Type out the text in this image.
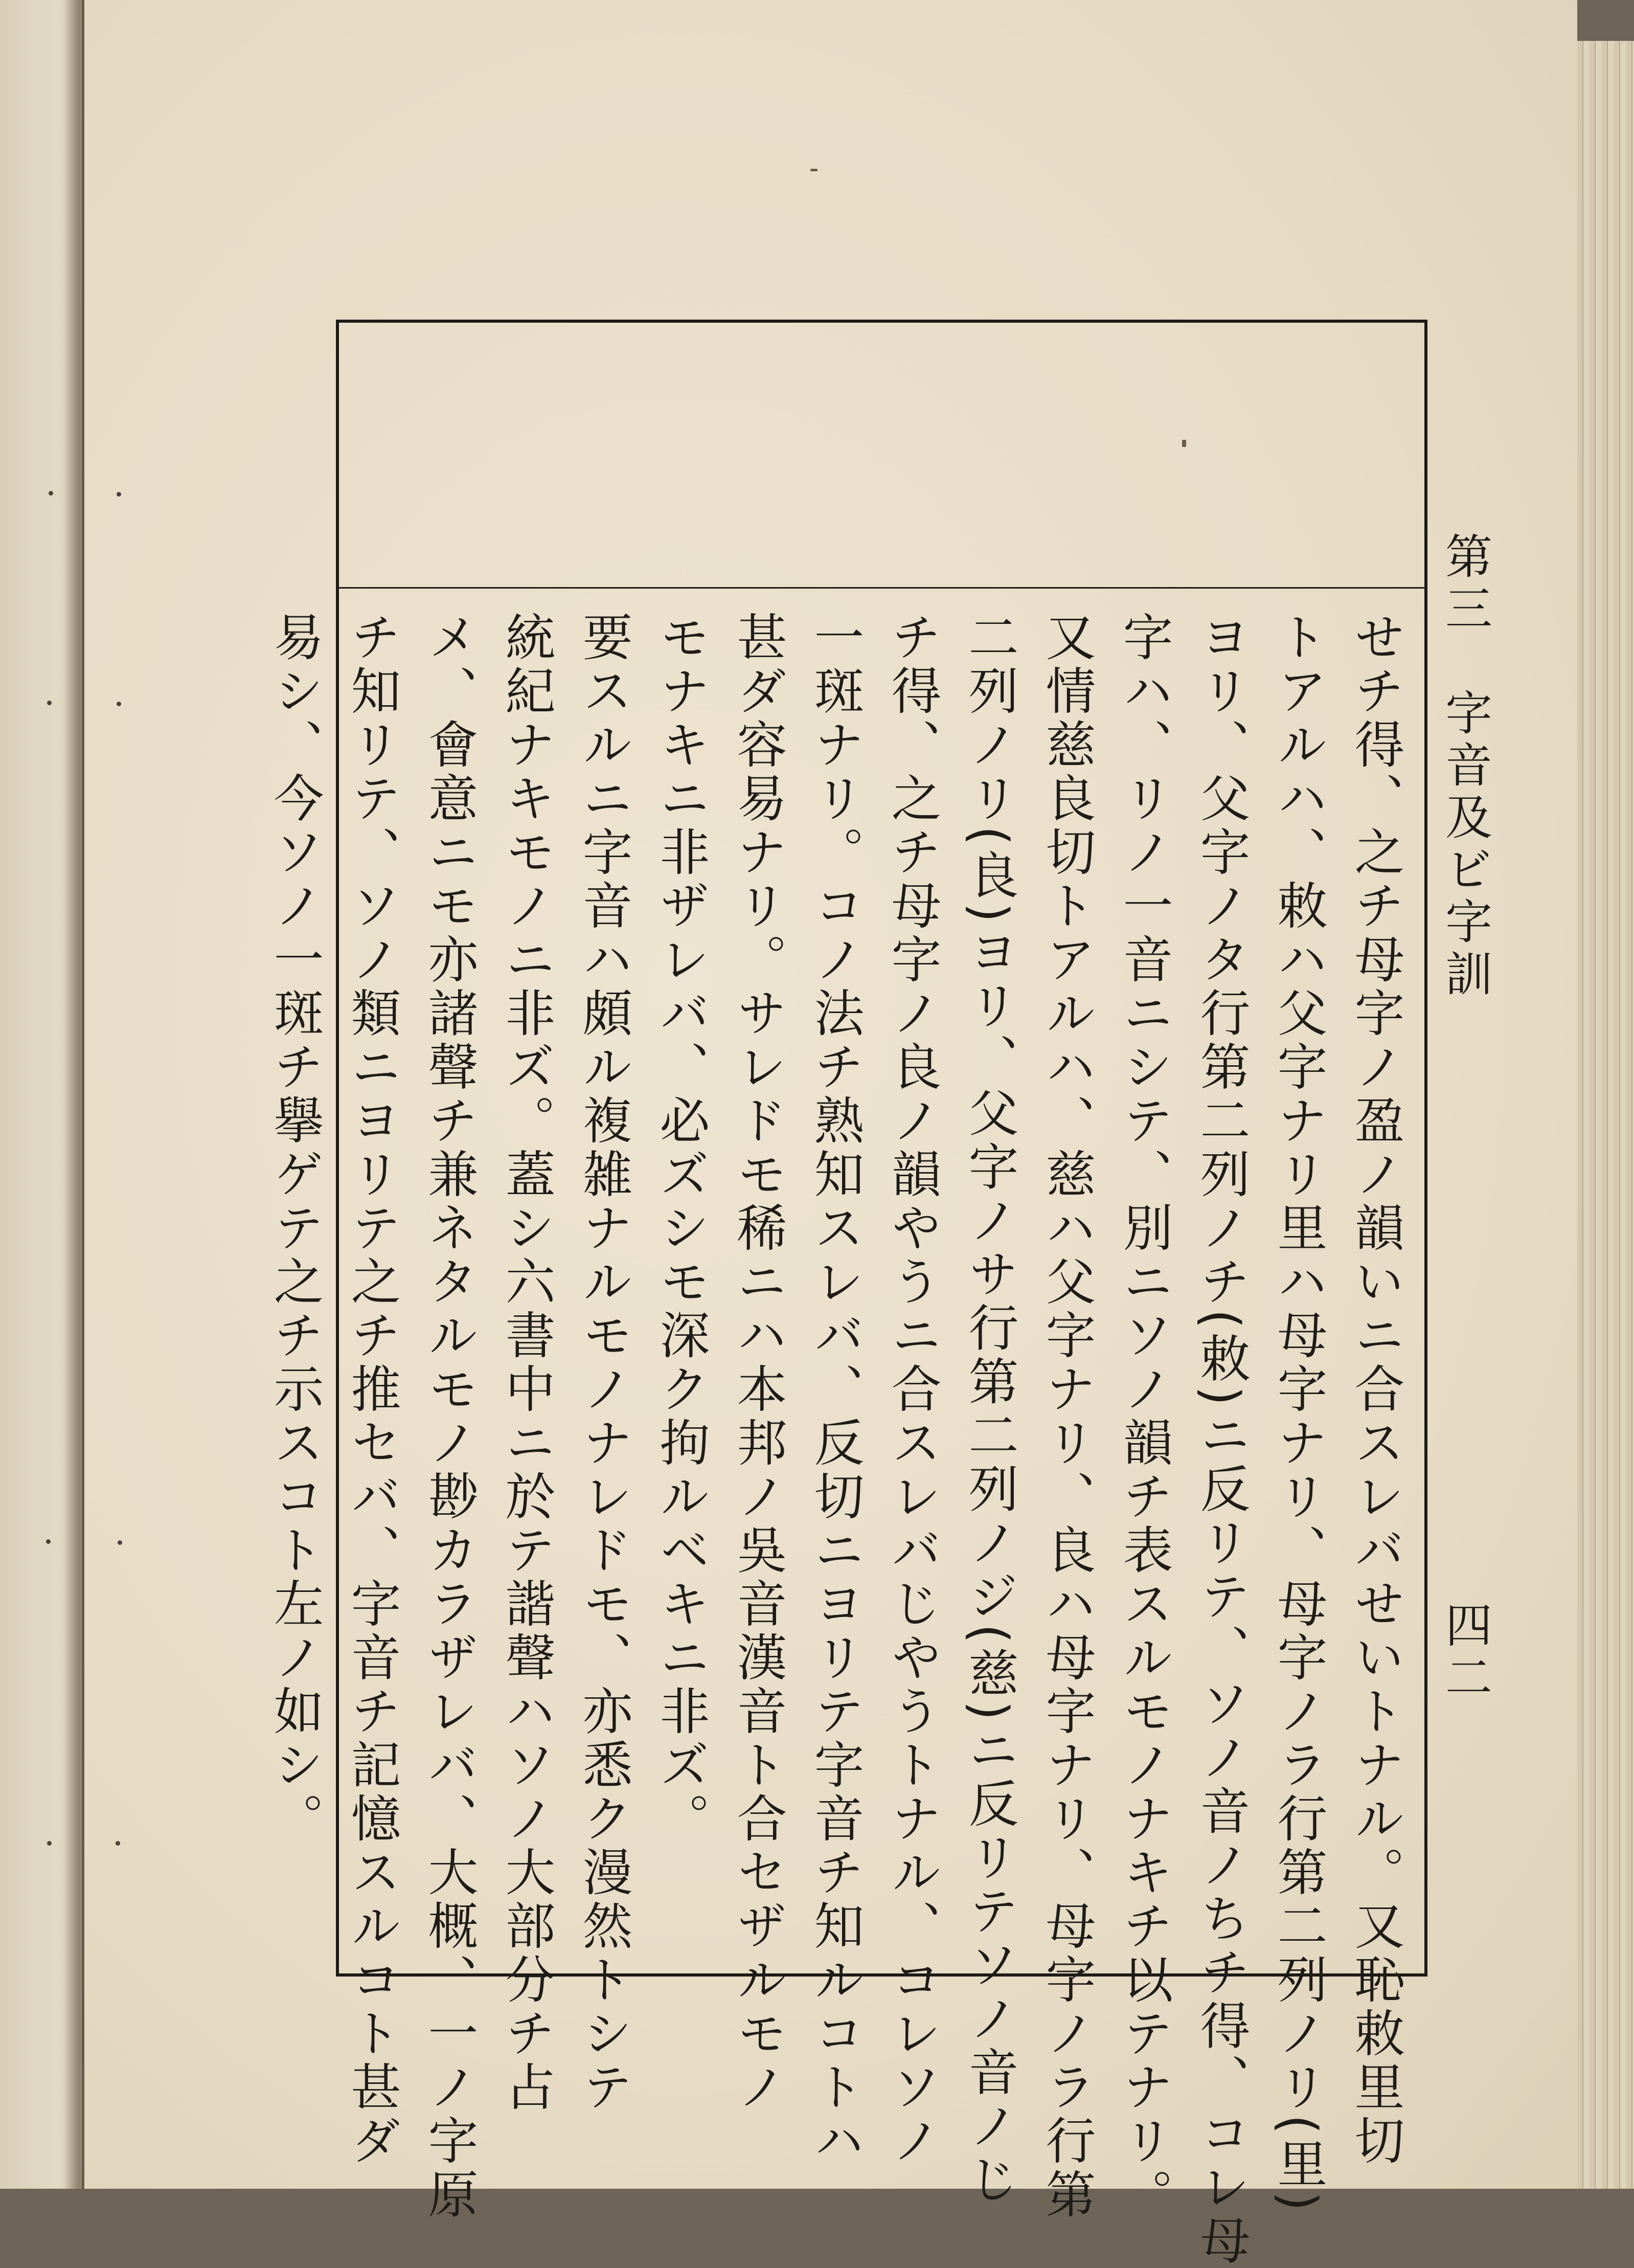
第三　字音及ビ字訓
四二
せチ得、之チ母字ノ盈ノ韻いニ合スレバせいトナル。又恥敕里切
トアルハ、敕ハ父字ナリ里ハ母字ナリ、母字ノラ行第二列ノリ(里)
ヨリ、父字ノタ行第二列ノチ(敕)ニ反リテ、ソノ音ノちチ得、コレ母
字ハ、リノ一音ニシテ、別ニソノ韻チ表スルモノナキチ以テナリ。
又情慈良切トアルハ、慈ハ父字ナリ、良ハ母字ナリ、母字ノラ行第
二列ノリ(良)ヨリ、父字ノサ行第二列ノジ(慈)ニ反リテソノ音ノじ
チ得、之チ母字ノ良ノ韻やうニ合スレバじやうトナル、コレソノ
一斑ナリ。コノ法チ熟知スレバ、反切ニヨリテ字音チ知ルコトハ
甚ダ容易ナリ。サレドモ稀ニハ本邦ノ吳音漢音ト合セザルモノ
モナキニ非ザレバ、必ズシモ深ク拘ルベキニ非ズ。
要スルニ字音ハ頗ル複雑ナルモノナレドモ、亦悉ク漫然トシテ
統紀ナキモノニ非ズ。蓋シ六書中ニ於テ諧聲ハソノ大部分チ占
メ、會意ニモ亦諸聲チ兼ネタルモノ尠カラザレバ、大概、一ノ字原
チ知リテ、ソノ類ニヨリテ之チ推セバ、字音チ記憶スルコト甚ダ
易シ、今ソノ一斑チ擧ゲテ之チ示スコト左ノ如シ。
